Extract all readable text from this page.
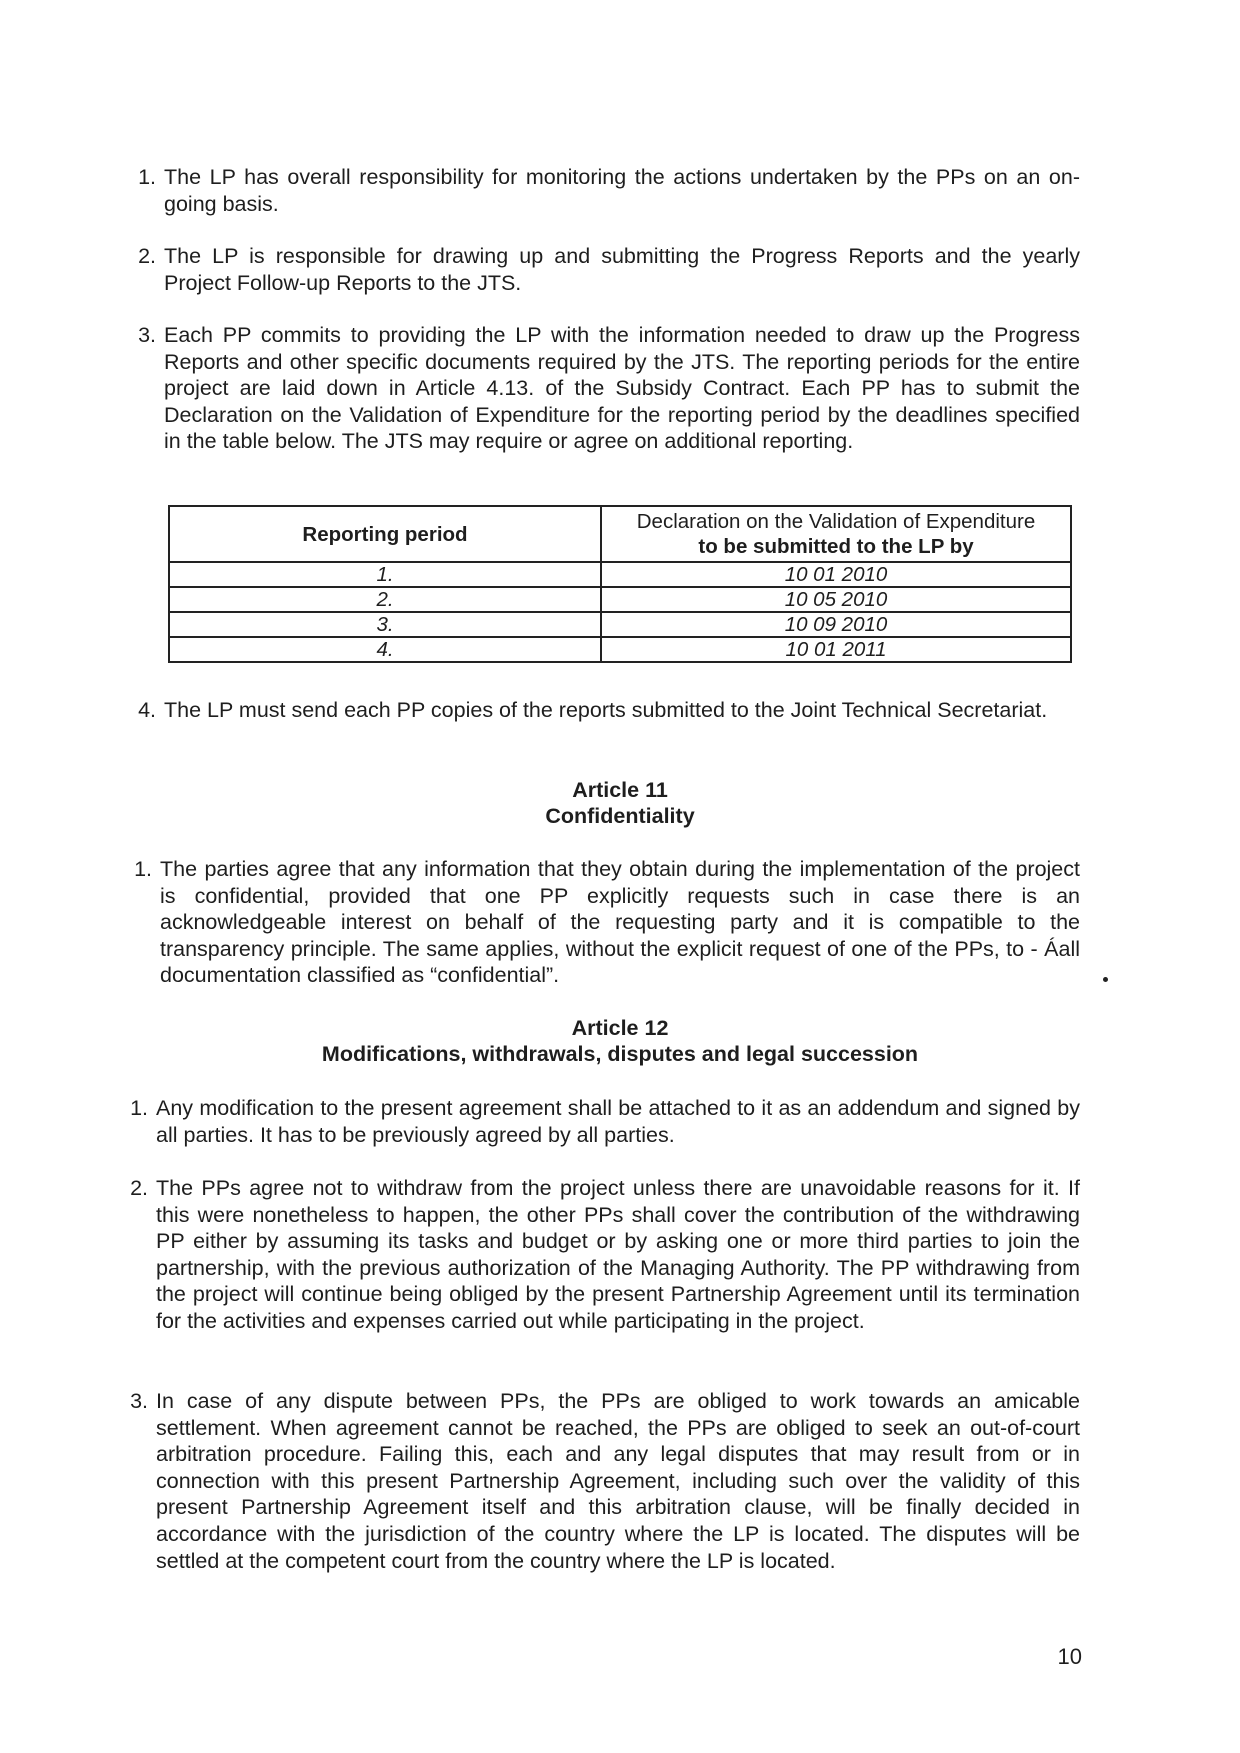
1. The LP has overall responsibility for monitoring the actions undertaken by the PPs on an on-going basis.
2. The LP is responsible for drawing up and submitting the Progress Reports and the yearly Project Follow-up Reports to the JTS.
3. Each PP commits to providing the LP with the information needed to draw up the Progress Reports and other specific documents required by the JTS. The reporting periods for the entire project are laid down in Article 4.13. of the Subsidy Contract. Each PP has to submit the Declaration on the Validation of Expenditure for the reporting period by the deadlines specified in the table below. The JTS may require or agree on additional reporting.
Reporting period	Declaration on the Validation of Expenditure
to be submitted to the LP by

1.	10 01 2010
2.	10 05 2010
3.	10 09 2010
4.	10 01 2011
4. The LP must send each PP copies of the reports submitted to the Joint Technical Secretariat.
Article 11
Confidentiality
1. The parties agree that any information that they obtain during the implementation of the project is confidential, provided that one PP explicitly requests such in case there is an acknowledgeable interest on behalf of the requesting party and it is compatible to the transparency principle. The same applies, without the explicit request of one of the PPs, to - Áall documentation classified as “confidential”.
Article 12
Modifications, withdrawals, disputes and legal succession
1. Any modification to the present agreement shall be attached to it as an addendum and signed by all parties. It has to be previously agreed by all parties.
2. The PPs agree not to withdraw from the project unless there are unavoidable reasons for it. If this were nonetheless to happen, the other PPs shall cover the contribution of the withdrawing PP either by assuming its tasks and budget or by asking one or more third parties to join the partnership, with the previous authorization of the Managing Authority. The PP withdrawing from the project will continue being obliged by the present Partnership Agreement until its termination for the activities and expenses carried out while participating in the project.
3. In case of any dispute between PPs, the PPs are obliged to work towards an amicable settlement. When agreement cannot be reached, the PPs are obliged to seek an out-of-court arbitration procedure. Failing this, each and any legal disputes that may result from or in connection with this present Partnership Agreement, including such over the validity of this present Partnership Agreement itself and this arbitration clause, will be finally decided in accordance with the jurisdiction of the country where the LP is located. The disputes will be settled at the competent court from the country where the LP is located.
10
